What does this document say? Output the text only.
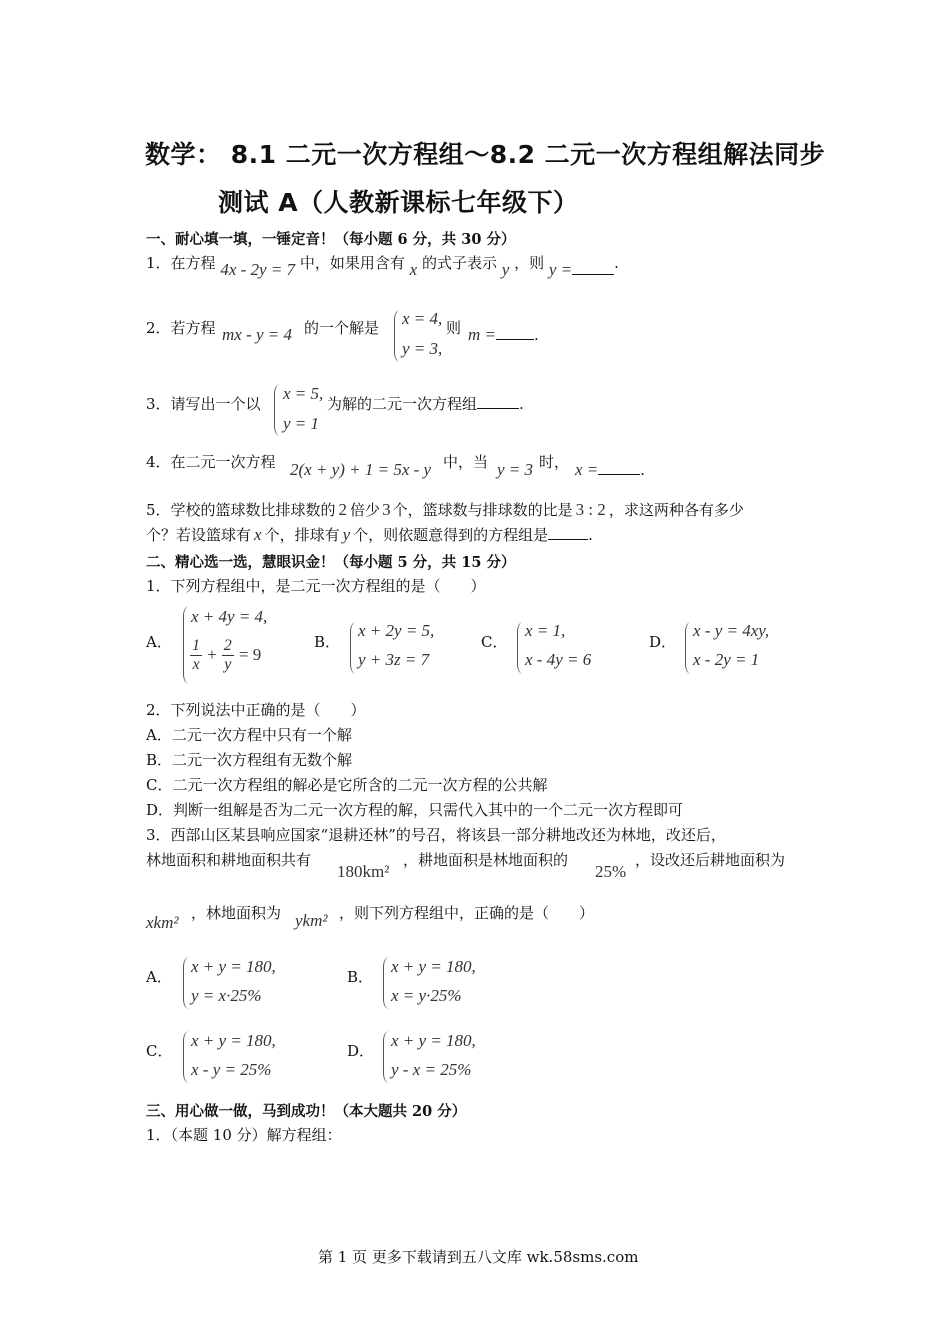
数学： 8.1 二元一次方程组～8.2 二元一次方程组解法同步
测试 A（人教新课标七年级下）
一、耐心填一填，一锤定音！（每小题 6 分，共 30 分）
1．在方程 4x - 2y = 7 中，如果用含有 x 的式子表示 y ，则 y =	.
2．若方程 mx - y = 4 的一个解是 x = 4,
y = 3,
则 m =	.
3．请写出一个以
x = 5,
y = 1
为解的二元一次方程组	.
4．在二元一次方程 2(x + y) + 1 = 5x - y 中，当 y = 3 时， x =	.
5．学校的篮球数比排球数的 2 倍少 3 个，篮球数与排球数的比是 3 : 2 ，求这两种各有多少
个？若设篮球有 x 个，排球有 y 个，则依题意得到的方程组是	.
二、精心选一选，慧眼识金！（每小题 5 分，共 15 分）
1．下列方程组中，是二元一次方程组的是（　　）
A．
x + 4y = 4,
$\frac{1}{x} + \frac{2}{y} = 9$
B．
x + 2y = 5,
y + 3z = 7
C．
x = 1,
x - 4y = 6
D．
x - y = 4xy,
x - 2y = 1
2．下列说法中正确的是（　　）
A．二元一次方程中只有一个解
B．二元一次方程组有无数个解
C．二元一次方程组的解必是它所含的二元一次方程的公共解
D．判断一组解是否为二元一次方程的解，只需代入其中的一个二元一次方程即可
3．西部山区某县响应国家“退耕还林”的号召，将该县一部分耕地改还为林地，改还后，
林地面积和耕地面积共有
180km²
，耕地面积是林地面积的
25%
，设改还后耕地面积为
xkm² ，林地面积为 ykm² ，则下列方程组中，正确的是（　　）
A．
x + y = 180,
y = x·25%
B．
x + y = 180,
x = y·25%
C．
x + y = 180,
x - y = 25%
D．
x + y = 180,
y - x = 25%
三、用心做一做，马到成功！（本大题共 20 分）
1．（本题 10 分）解方程组：
第 1 页 更多下载请到五八文库 wk.58sms.com
